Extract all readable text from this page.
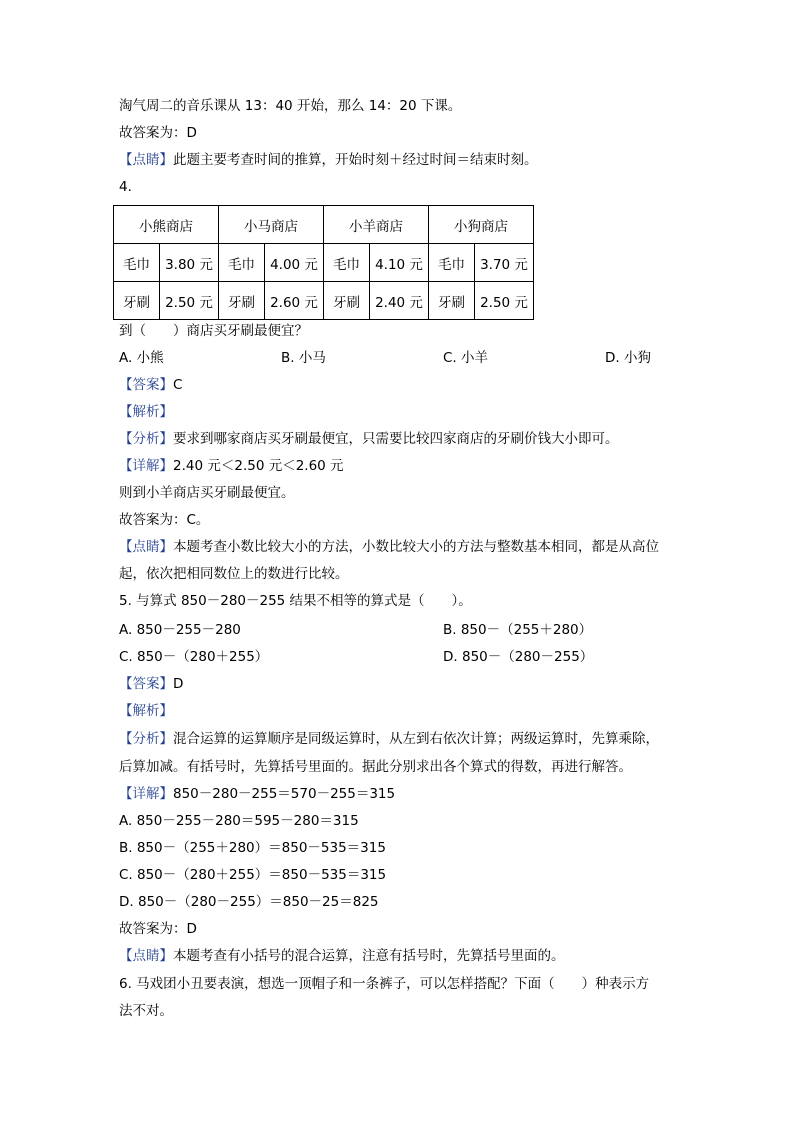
淘气周二的音乐课从 13：40 开始，那么 14：20 下课。
故答案为：D
【点睛】此题主要考查时间的推算，开始时刻＋经过时间＝结束时刻。
4.
小熊商店		小马商店		小羊商店		小狗商店	
毛巾	3.80 元	毛巾	4.00 元	毛巾	4.10 元	毛巾	3.70 元
牙刷	2.50 元	牙刷	2.60 元	牙刷	2.40 元	牙刷	2.50 元
到（　　）商店买牙刷最便宜？
A. 小熊	B. 小马	C. 小羊	D. 小狗
【答案】C
【解析】
【分析】要求到哪家商店买牙刷最便宜，只需要比较四家商店的牙刷价钱大小即可。
【详解】2.40 元＜2.50 元＜2.60 元
则到小羊商店买牙刷最便宜。
故答案为：C。
【点睛】本题考查小数比较大小的方法，小数比较大小的方法与整数基本相同，都是从高位
起，依次把相同数位上的数进行比较。
5. 与算式 850－280－255 结果不相等的算式是（　　）。
A. 850－255－280	B. 850－（255＋280）
C. 850－（280＋255）	D. 850－（280－255）
【答案】D
【解析】
【分析】混合运算的运算顺序是同级运算时，从左到右依次计算；两级运算时，先算乘除，
后算加减。有括号时，先算括号里面的。据此分别求出各个算式的得数，再进行解答。
【详解】850－280－255＝570－255＝315
A. 850－255－280＝595－280＝315
B. 850－（255＋280）＝850－535＝315
C. 850－（280＋255）＝850－535＝315
D. 850－（280－255）＝850－25＝825
故答案为：D
【点睛】本题考查有小括号的混合运算，注意有括号时，先算括号里面的。
6. 马戏团小丑要表演，想选一顶帽子和一条裤子，可以怎样搭配？下面（　　）种表示方
法不对。
